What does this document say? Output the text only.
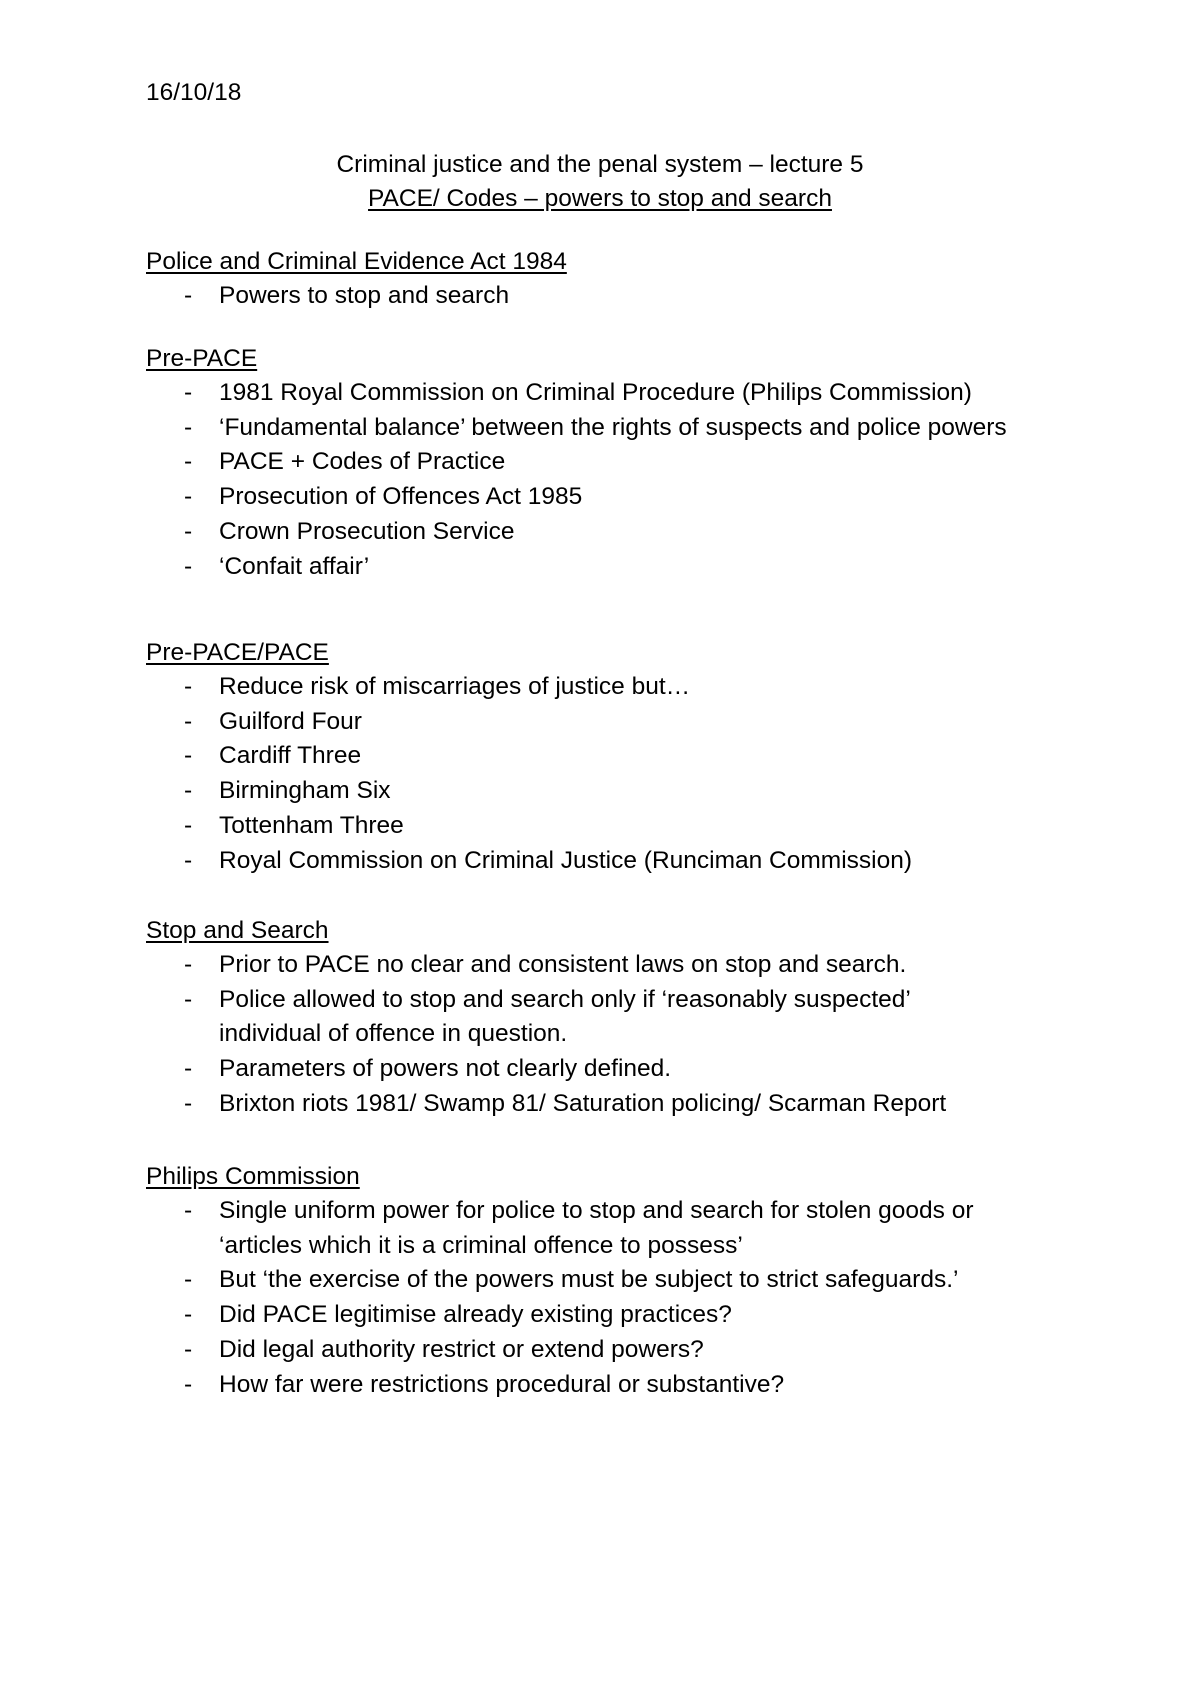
16/10/18
Criminal justice and the penal system – lecture 5
PACE/ Codes – powers to stop and search
Police and Criminal Evidence Act 1984
-	Powers to stop and search
Pre-PACE
-	1981 Royal Commission on Criminal Procedure (Philips Commission)
-	‘Fundamental balance’ between the rights of suspects and police powers
-	PACE + Codes of Practice
-	Prosecution of Offences Act 1985
-	Crown Prosecution Service
-	‘Confait affair’
Pre-PACE/PACE
-	Reduce risk of miscarriages of justice but…
-	Guilford Four
-	Cardiff Three
-	Birmingham Six
-	Tottenham Three
-	Royal Commission on Criminal Justice (Runciman Commission)
Stop and Search
-	Prior to PACE no clear and consistent laws on stop and search.
-	Police allowed to stop and search only if ‘reasonably suspected’ individual of offence in question.
-	Parameters of powers not clearly defined.
-	Brixton riots 1981/ Swamp 81/ Saturation policing/ Scarman Report
Philips Commission
-	Single uniform power for police to stop and search for stolen goods or ‘articles which it is a criminal offence to possess’
-	But ‘the exercise of the powers must be subject to strict safeguards.’
-	Did PACE legitimise already existing practices?
-	Did legal authority restrict or extend powers?
-	How far were restrictions procedural or substantive?
